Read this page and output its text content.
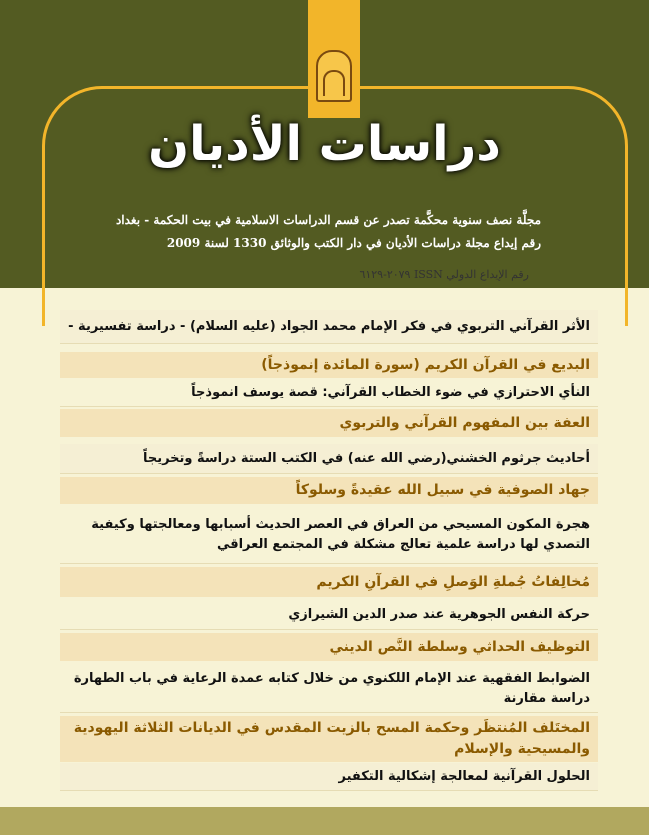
دراسات الأديان
مجلَّة نصف سنوية محكَّمة تصدر عن قسم الدراسات الاسلامية في بيت الحكمة - بغداد
رقم إيداع مجلة دراسات الأديان في دار الكتب والوثائق 1330 لسنة 2009
رقم الإيداع الدولي ISSN ٢٠٧٩-٦١٢٩
الأثر القرآني التربوي في فكر الإمام محمد الجواد (عليه السلام) - دراسة تفسيرية -
البديع في القرآن الكريم (سورة المائدة إنموذجاً)
النأي الاحترازي في ضوء الخطاب القرآني: قصة يوسف انموذجاً
العفة بين المفهوم القرآني والتربوي
أحاديث جرثوم الخشني(رضي الله عنه) في الكتب الستة دراسةً وتخريجاً
جهاد الصوفية في سبيل الله عقيدةً وسلوكاً
هجرة المكون المسيحي من العراق في العصر الحديث أسبابها ومعالجتها وكيفية التصدي لها دراسة علمية تعالج مشكلة في المجتمع العراقي
مُخالِفاتُ جُملةِ الوَصلِ في القرآنِ الكريم
حركة النفس الجوهرية عند صدر الدين الشيرازي
التوظيف الحداثي وسلطة النَّص الديني
الضوابط الفقهية عند الإمام اللكنوي من خلال كتابه عمدة الرعاية في باب الطهارة دراسة مقارنة
المختَلف المُنتظَر وحكمة المسح بالزيت المقدس في الديانات الثلاثة اليهودية والمسيحية والإسلام
الحلول القرآنية لمعالجة إشكالية التكفير
